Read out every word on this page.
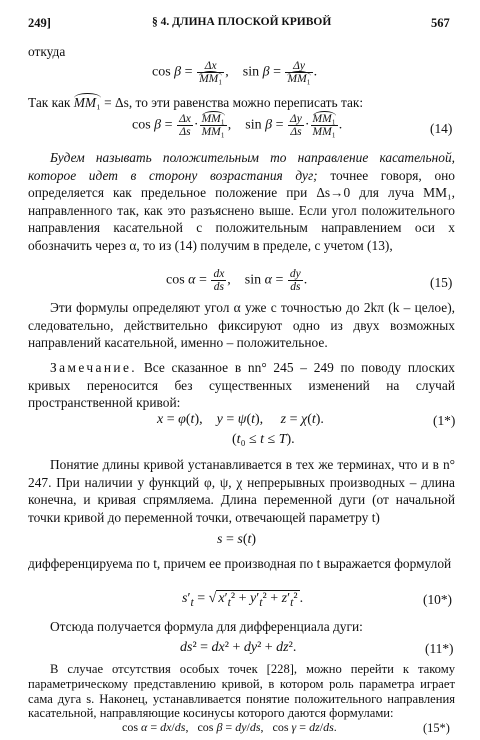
249]	§ 4. ДЛИНА ПЛОСКОЙ КРИВОЙ	567
откуда
$\cos \beta = \frac{\Delta x}{\text{MM₁}}$ ,    $\sin \beta = \frac{\Delta y}{\text{MM₁}}$ .
Так как MM₁ = Δs, то эти равенства можно переписать так:
$\cos \beta = \frac{\Delta x}{\Delta s} \cdot \frac{\text{MM₁}}{\text{MM₁}}$ ,    $\sin \beta = \frac{\Delta y}{\Delta s} \cdot \frac{\text{MM₁}}{\text{MM₁}}$ .	(14)
Будем называть положительным то направление касательной, которое идет в сторону возрастания дуг; точнее говоря, оно определяется как предельное положение при Δs→0 для луча MM₁, направленного так, как это разъяснено выше. Если угол положительного направления касательной с положительным направлением оси x обозначить через α, то из (14) получим в пределе, с учетом (13),
$\cos \alpha = \frac{dx}{ds}$ ,    $\sin \alpha = \frac{dy}{ds}$ .	(15)
Эти формулы определяют угол α уже с точностью до 2kπ (k – целое), следовательно, действительно фиксируют одно из двух возможных направлений касательной, именно – положительное.
Замечание. Все сказанное в nn° 245 – 249 по поводу плоских кривых переносится без существенных изменений на случай пространственной кривой:
x = φ(t),    y = ψ(t),     z = χ(t).
(t₀ ≤ t ≤ T).
(1*)
Понятие длины кривой устанавливается в тех же терминах, что и в n° 247. При наличии у функций φ, ψ, χ непрерывных производных – длина конечна, и кривая спрямляема. Длина переменной дуги (от начальной точки кривой до переменной точки, отвечающей параметру t)
s = s(t)
дифференцируема по t, причем ее производная по t выражается формулой
$s'_t$ = √ $x'_t^2 + y'_t^2 + z'_t^2$ .	(10*)
Отсюда получается формула для дифференциала дуги:
ds² = dx² + dy² + dz².	(11*)
В случае отсутствия особых точек [228], можно перейти к такому параметрическому представлению кривой, в котором роль параметра играет сама дуга s. Наконец, устанавливается понятие положительного направления касательной, направляющие косинусы которого даются формулами:
cos α = dx/ds,   cos β = dy/ds,   cos γ = dz/ds.	(15*)
